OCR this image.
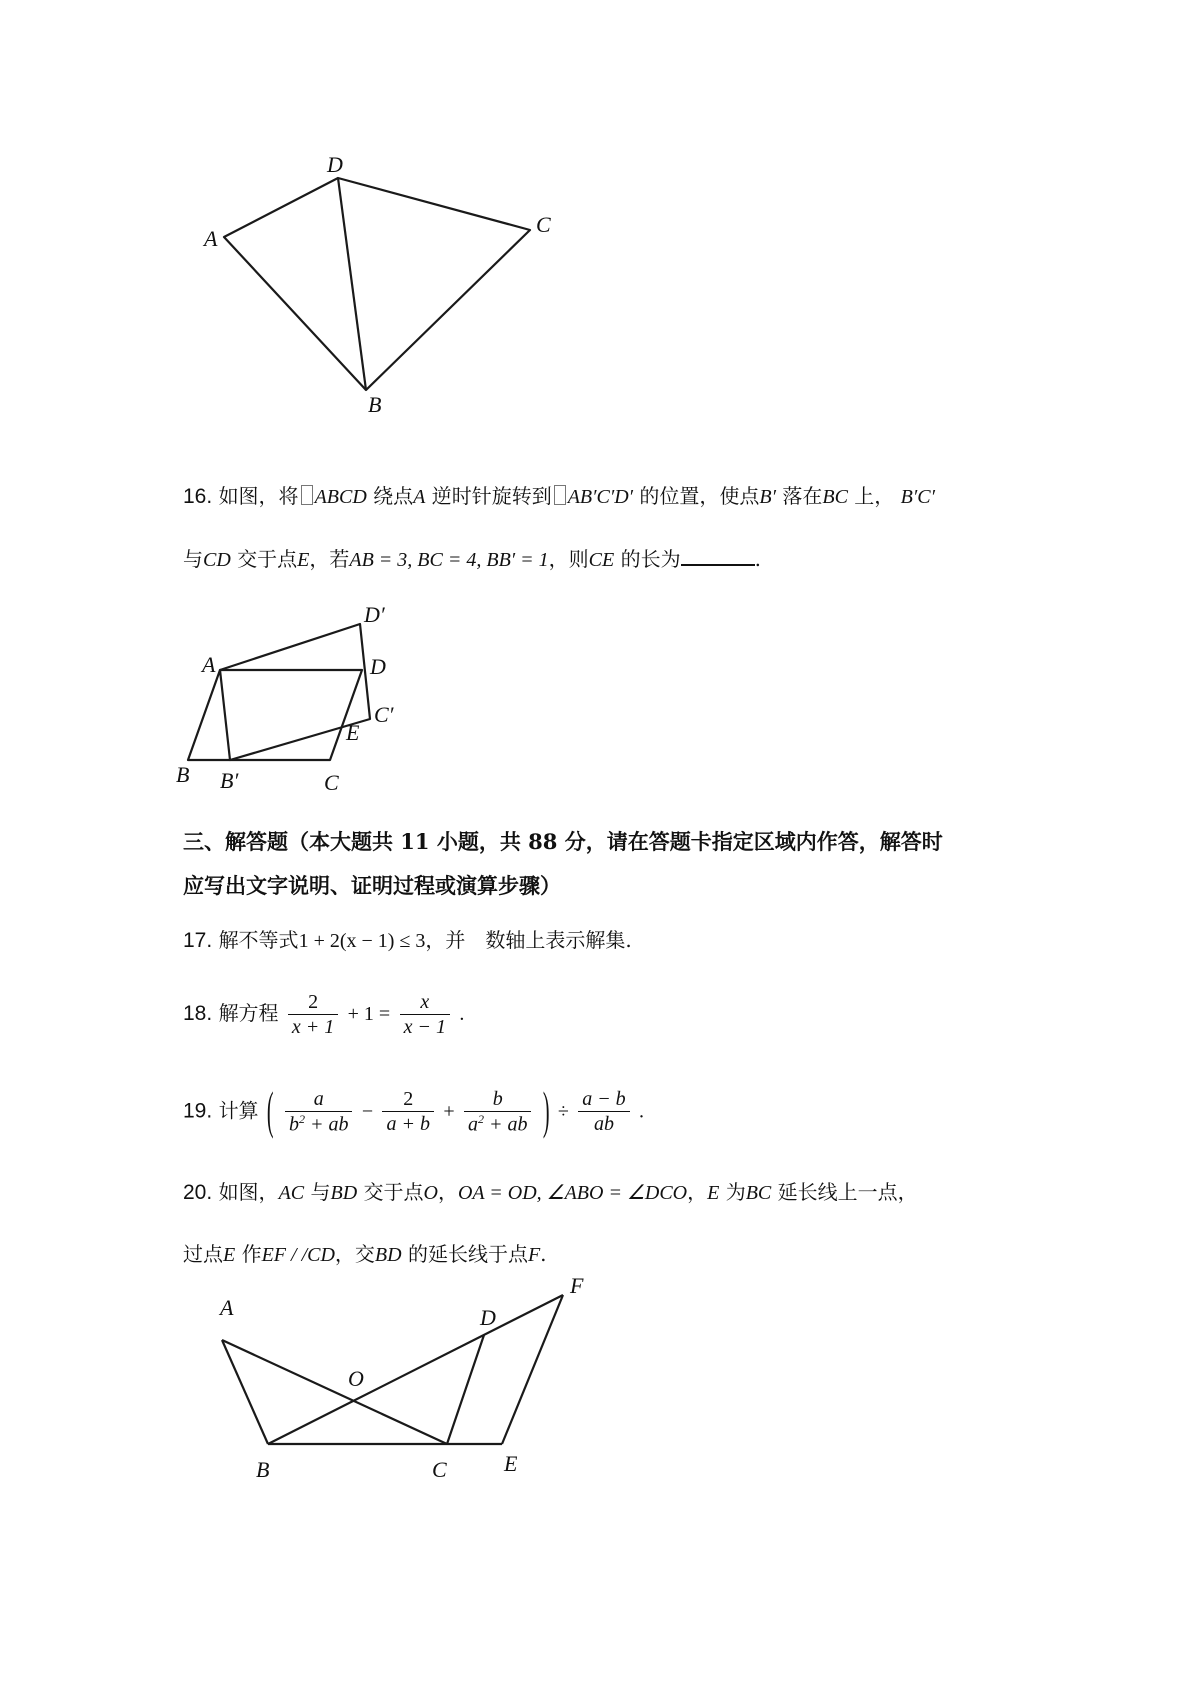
A
D
C
B
16. 如图，将 ABCD 绕点A 逆时针旋转到 AB′C′D′ 的位置，使点B′ 落在BC 上， B′C′
与CD 交于点E，若AB = 3, BC = 4, BB′ = 1，则CE 的长为	.
A	D
D′
C′
E
B B′	C
三、解答题（本大题共 11 小题，共 88 分，请在答题卡指定区域内作答，解答时
应写出文字说明、证明过程或演算步骤）
17. 解不等式1 + 2(x − 1) ≤ 3，并　数轴上表示解集.
18. 解方程 $\frac{2}{x + 1} + 1 = \frac{x}{x - 1}$ .
19. 计算 ( $\frac{a}{b^2 + ab} - \frac{2}{a + b} + \frac{b}{a^2 + ab}$ ) ÷ $\frac{a - b}{ab}$ .
20. 如图，AC 与BD 交于点O，OA = OD, ∠ABO = ∠DCO，E 为BC 延长线上一点，
过点E 作EF / /CD，交BD 的延长线于点F.
A
O
D
F
B	C	E
